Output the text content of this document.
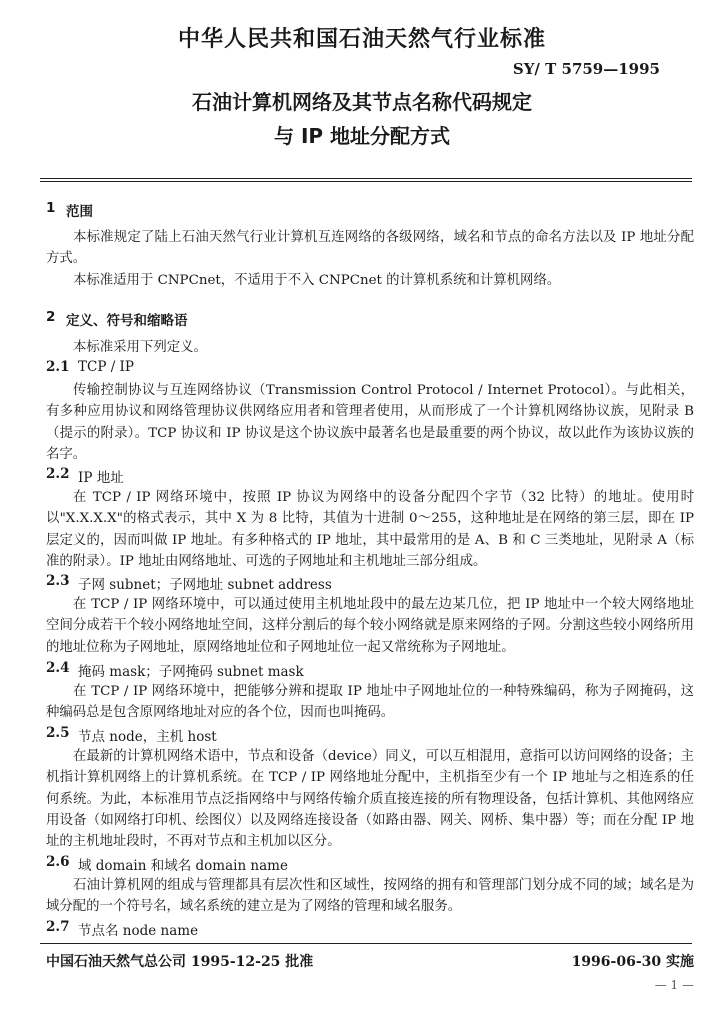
中华人民共和国石油天然气行业标准
SY/ T 5759—1995
石油计算机网络及其节点名称代码规定
与 IP 地址分配方式
1 范围
本标准规定了陆上石油天然气行业计算机互连网络的各级网络，域名和节点的命名方法以及 IP 地址分配方式。
本标准适用于 CNPCnet，不适用于不入 CNPCnet 的计算机系统和计算机网络。
2 定义、符号和缩略语
本标准采用下列定义。
2.1 TCP / IP
传输控制协议与互连网络协议（Transmission Control Protocol / Internet Protocol）。与此相关，有多种应用协议和网络管理协议供网络应用者和管理者使用，从而形成了一个计算机网络协议族，见附录 B（提示的附录）。TCP 协议和 IP 协议是这个协议族中最著名也是最重要的两个协议，故以此作为该协议族的名字。
2.2 IP 地址
在 TCP / IP 网络环境中，按照 IP 协议为网络中的设备分配四个字节（32 比特）的地址。使用时以"X.X.X.X"的格式表示，其中 X 为 8 比特，其值为十进制 0～255，这种地址是在网络的第三层，即在 IP 层定义的，因而叫做 IP 地址。有多种格式的 IP 地址，其中最常用的是 A、B 和 C 三类地址，见附录 A（标准的附录）。IP 地址由网络地址、可选的子网地址和主机地址三部分组成。
2.3 子网 subnet；子网地址 subnet address
在 TCP / IP 网络环境中，可以通过使用主机地址段中的最左边某几位，把 IP 地址中一个较大网络地址空间分成若干个较小网络地址空间，这样分割后的每个较小网络就是原来网络的子网。分割这些较小网络所用的地址位称为子网地址，原网络地址位和子网地址位一起又常统称为子网地址。
2.4 掩码 mask；子网掩码 subnet mask
在 TCP / IP 网络环境中，把能够分辨和提取 IP 地址中子网地址位的一种特殊编码，称为子网掩码，这种编码总是包含原网络地址对应的各个位，因而也叫掩码。
2.5 节点 node，主机 host
在最新的计算机网络术语中，节点和设备（device）同义，可以互相混用，意指可以访问网络的设备；主机指计算机网络上的计算机系统。在 TCP / IP 网络地址分配中，主机指至少有一个 IP 地址与之相连系的任何系统。为此，本标准用节点泛指网络中与网络传输介质直接连接的所有物理设备，包括计算机、其他网络应用设备（如网络打印机、绘图仪）以及网络连接设备（如路由器、网关、网桥、集中器）等；而在分配 IP 地址的主机地址段时，不再对节点和主机加以区分。
2.6 域 domain 和域名 domain name
石油计算机网的组成与管理都具有层次性和区域性，按网络的拥有和管理部门划分成不同的域；域名是为域分配的一个符号名，域名系统的建立是为了网络的管理和域名服务。
2.7 节点名 node name
中国石油天然气总公司 1995-12-25 批准	1996-06-30 实施
— 1 —
